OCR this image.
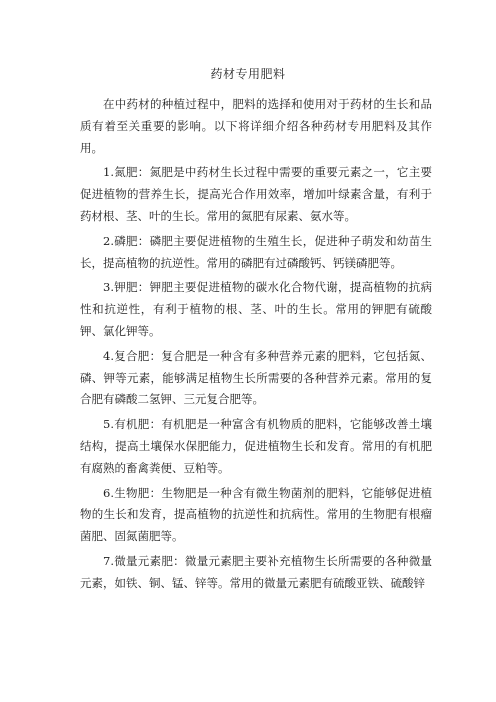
药材专用肥料

在中药材的种植过程中，肥料的选择和使用对于药材的生长和品质有着至关重要的影响。以下将详细介绍各种药材专用肥料及其作用。

1.氮肥：氮肥是中药材生长过程中需要的重要元素之一，它主要促进植物的营养生长，提高光合作用效率，增加叶绿素含量，有利于药材根、茎、叶的生长。常用的氮肥有尿素、氨水等。

2.磷肥：磷肥主要促进植物的生殖生长，促进种子萌发和幼苗生长，提高植物的抗逆性。常用的磷肥有过磷酸钙、钙镁磷肥等。

3.钾肥：钾肥主要促进植物的碳水化合物代谢，提高植物的抗病性和抗逆性，有利于植物的根、茎、叶的生长。常用的钾肥有硫酸钾、氯化钾等。

4.复合肥：复合肥是一种含有多种营养元素的肥料，它包括氮、磷、钾等元素，能够满足植物生长所需要的各种营养元素。常用的复合肥有磷酸二氢钾、三元复合肥等。

5.有机肥：有机肥是一种富含有机物质的肥料，它能够改善土壤结构，提高土壤保水保肥能力，促进植物生长和发育。常用的有机肥有腐熟的畜禽粪便、豆粕等。

6.生物肥：生物肥是一种含有微生物菌剂的肥料，它能够促进植物的生长和发育，提高植物的抗逆性和抗病性。常用的生物肥有根瘤菌肥、固氮菌肥等。

7.微量元素肥：微量元素肥主要补充植物生长所需要的各种微量元素，如铁、铜、锰、锌等。常用的微量元素肥有硫酸亚铁、硫酸锌
